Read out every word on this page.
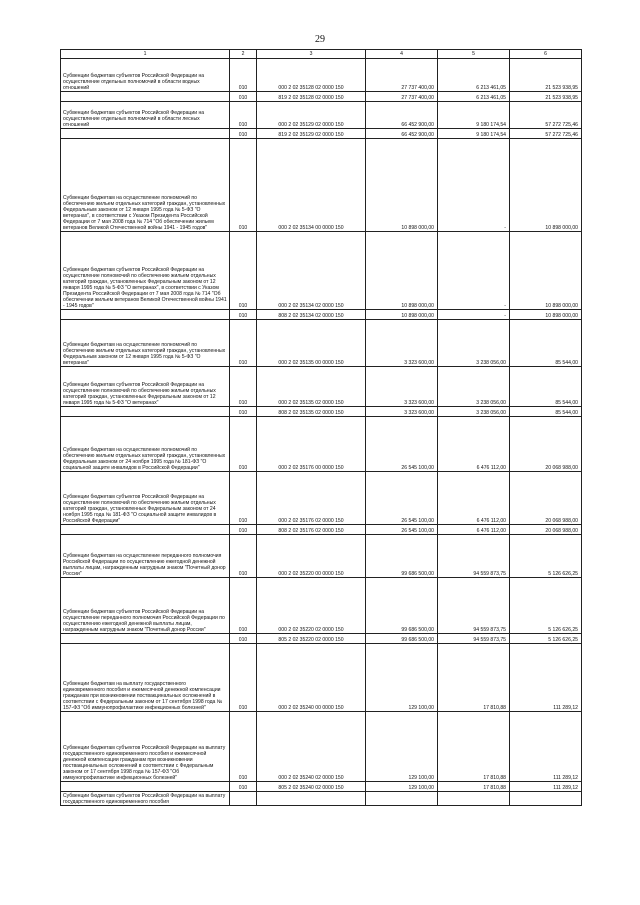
29
1	2	3	4	5	6
Субвенции бюджетам субъектов Российской Федерации на осуществление отдельных полномочий в области водных отношений	010	000 2 02 35128 02 0000 150	27 737 400,00	6 213 461,05	21 523 938,95
	010	819 2 02 35128 02 0000 150	27 737 400,00	6 213 461,05	21 523 938,95
Субвенции бюджетам субъектов Российской Федерации на осуществление отдельных полномочий в области лесных отношений	010	000 2 02 35129 02 0000 150	66 452 900,00	9 180 174,54	57 272 725,46
	010	819 2 02 35129 02 0000 150	66 452 900,00	9 180 174,54	57 272 725,46
Субвенции бюджетам на осуществление полномочий по обеспечению жильем отдельных категорий граждан, установленных Федеральным законом от 12 января 1995 года № 5-ФЗ "О ветеранах", в соответствии с Указом Президента Российской Федерации от 7 мая 2008 года № 714 "Об обеспечении жильем ветеранов Великой Отечественной войны 1941 - 1945 годов"	010	000 2 02 35134 00 0000 150	10 898 000,00	-	10 898 000,00
Субвенции бюджетам субъектов Российской Федерации на осуществление полномочий по обеспечению жильем отдельных категорий граждан, установленных Федеральным законом от 12 января 1995 года № 5-ФЗ "О ветеранах", в соответствии с Указом Президента Российской Федерации от 7 мая 2008 года № 714 "Об обеспечении жильем ветеранов Великой Отечественной войны 1941 - 1945 годов"	010	000 2 02 35134 02 0000 150	10 898 000,00	-	10 898 000,00
	010	808 2 02 35134 02 0000 150	10 898 000,00	-	10 898 000,00
Субвенции бюджетам на осуществление полномочий по обеспечению жильем отдельных категорий граждан, установленных Федеральным законом от 12 января 1995 года № 5-ФЗ "О ветеранах"	010	000 2 02 35135 00 0000 150	3 323 600,00	3 238 056,00	85 544,00
Субвенции бюджетам субъектов Российской Федерации на осуществление полномочий по обеспечению жильем отдельных категорий граждан, установленных Федеральным законом от 12 января 1995 года № 5-ФЗ "О ветеранах"	010	000 2 02 35135 02 0000 150	3 323 600,00	3 238 056,00	85 544,00
	010	808 2 02 35135 02 0000 150	3 323 600,00	3 238 056,00	85 544,00
Субвенции бюджетам на осуществление полномочий по обеспечению жильем отдельных категорий граждан, установленных Федеральным законом от 24 ноября 1995 года № 181-ФЗ "О социальной защите инвалидов в Российской Федерации"	010	000 2 02 35176 00 0000 150	26 545 100,00	6 476 112,00	20 068 988,00
Субвенции бюджетам субъектов Российской Федерации на осуществление полномочий по обеспечению жильем отдельных категорий граждан, установленных Федеральным законом от 24 ноября 1995 года № 181-ФЗ "О социальной защите инвалидов в Российской Федерации"	010	000 2 02 35176 02 0000 150	26 545 100,00	6 476 112,00	20 068 988,00
	010	808 2 02 35176 02 0000 150	26 545 100,00	6 476 112,00	20 068 988,00
Субвенции бюджетам на осуществление переданного полномочия Российской Федерации по осуществлению ежегодной денежной выплаты лицам, награжденным нагрудным знаком "Почетный донор России"	010	000 2 02 35220 00 0000 150	99 686 500,00	94 559 873,75	5 126 626,25
Субвенции бюджетам субъектов Российской Федерации на осуществление переданного полномочия Российской Федерации по осуществлению ежегодной денежной выплаты лицам, награжденным нагрудным знаком "Почетный донор России"	010	000 2 02 35220 02 0000 150	99 686 500,00	94 559 873,75	5 126 626,25
	010	805 2 02 35220 02 0000 150	99 686 500,00	94 559 873,75	5 126 626,25
Субвенции бюджетам на выплату государственного единовременного пособия и ежемесячной денежной компенсации гражданам при возникновении поствакцинальных осложнений в соответствии с Федеральным законом от 17 сентября 1998 года № 157-ФЗ "Об иммунопрофилактике инфекционных болезней"	010	000 2 02 35240 00 0000 150	129 100,00	17 810,88	111 289,12
Субвенции бюджетам субъектов Российской Федерации на выплату государственного единовременного пособия и ежемесячной денежной компенсации гражданам при возникновении поствакцинальных осложнений в соответствии с Федеральным законом от 17 сентября 1998 года № 157-ФЗ "Об иммунопрофилактике инфекционных болезней"	010	000 2 02 35240 02 0000 150	129 100,00	17 810,88	111 289,12
	010	805 2 02 35240 02 0000 150	129 100,00	17 810,88	111 289,12
Субвенции бюджетам субъектов Российской Федерации на выплату государственного единовременного пособия					
